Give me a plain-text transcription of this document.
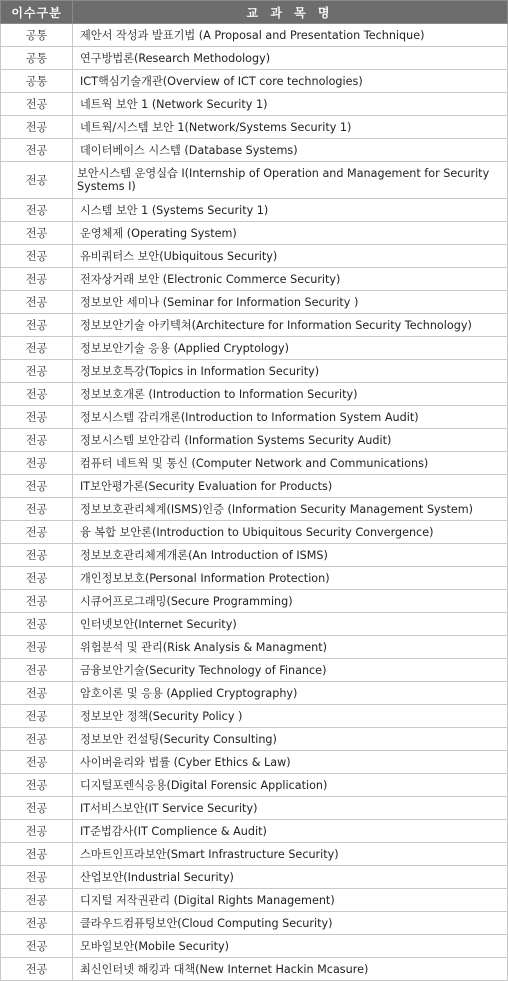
이수구분	교 과 목 명
공통	제안서 작성과 발표기법 (A Proposal and Presentation Technique)
공통	연구방법론(Research Methodology)
공통	ICT핵심기술개관(Overview of ICT core technologies)
전공	네트웍 보안 1 (Network Security 1)
전공	네트웍/시스템 보안 1(Network/Systems Security 1)
전공	데이터베이스 시스템 (Database Systems)
전공	보안시스템 운영실습 Ⅰ(Internship of Operation and Management for Security Systems Ⅰ)
전공	시스템 보안 1 (Systems Security 1)
전공	운영체제 (Operating System)
전공	유비쿼터스 보안(Ubiquitous Security)
전공	전자상거래 보안 (Electronic Commerce Security)
전공	정보보안 세미나 (Seminar for Information Security )
전공	정보보안기술 아키텍쳐(Architecture for Information Security Technology)
전공	정보보안기술 응용 (Applied Cryptology)
전공	정보보호특강(Topics in Information Security)
전공	정보보호개론 (Introduction to Information Security)
전공	정보시스템 감리개론(Introduction to Information System Audit)
전공	정보시스템 보안감리 (Information Systems Security Audit)
전공	컴퓨터 네트웍 및 통신 (Computer Network and Communications)
전공	IT보안평가론(Security Evaluation for Products)
전공	정보보호관리체계(ISMS)인증 (Information Security Management System)
전공	융 복합 보안론(Introduction to Ubiquitous Security Convergence)
전공	정보보호관리체계개론(An Introduction of ISMS)
전공	개인정보보호(Personal Information Protection)
전공	시큐어프로그래밍(Secure Programming)
전공	인터넷보안(Internet Security)
전공	위험분석 및 관리(Risk Analysis & Managment)
전공	금융보안기술(Security Technology of Finance)
전공	암호이론 및 응용 (Applied Cryptography)
전공	정보보안 정책(Security Policy )
전공	정보보안 컨설팅(Security Consulting)
전공	사이버윤리와 법률 (Cyber Ethics & Law)
전공	디지털포렌식응용(Digital Forensic Application)
전공	IT서비스보안(IT Service Security)
전공	IT준법감사(IT Complience & Audit)
전공	스마트인프라보안(Smart Infrastructure Security)
전공	산업보안(Industrial Security)
전공	디지털 저작권관리 (Digital Rights Management)
전공	클라우드컴퓨팅보안(Cloud Computing Security)
전공	모바일보안(Mobile Security)
전공	최신인터넷 해킹과 대책(New Internet Hackin Mcasure)
